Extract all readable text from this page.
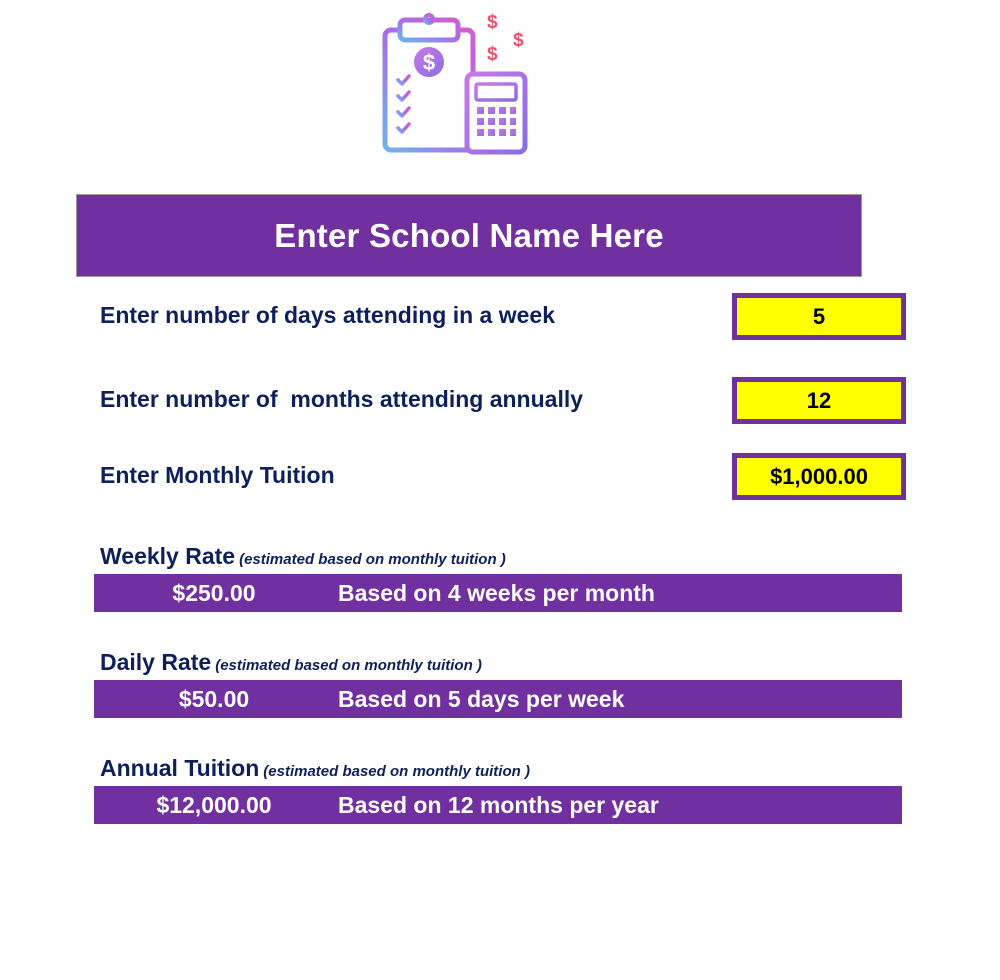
$
$
$
$
Enter School Name Here
Enter number of days attending in a week	5
Enter number of  months attending annually	12
Enter Monthly Tuition	$1,000.00
Weekly Rate (estimated based on monthly tuition )
$250.00	Based on 4 weeks per month
Daily Rate (estimated based on monthly tuition )
$50.00	Based on 5 days per week
Annual Tuition (estimated based on monthly tuition )
$12,000.00	Based on 12 months per year
